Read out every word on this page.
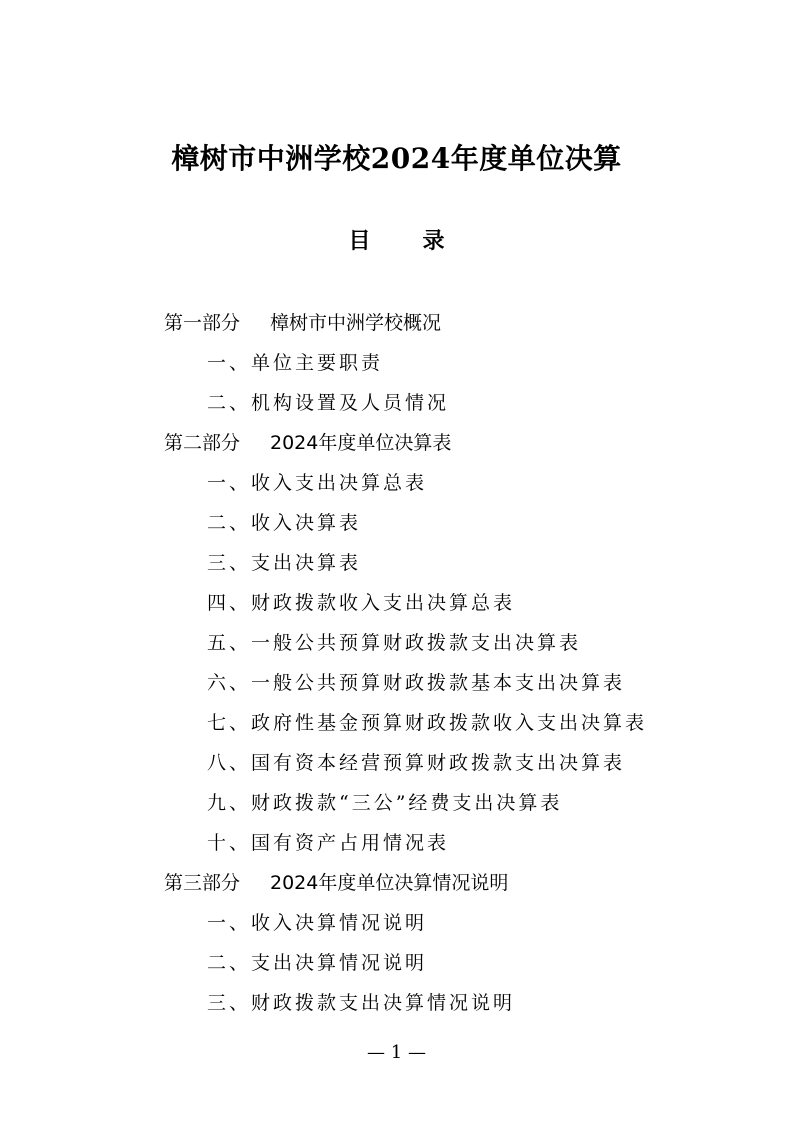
樟树市中洲学校2024年度单位决算
目 录
第一部分 樟树市中洲学校概况
一、单位主要职责
二、机构设置及人员情况
第二部分 2024年度单位决算表
一、收入支出决算总表
二、收入决算表
三、支出决算表
四、财政拨款收入支出决算总表
五、一般公共预算财政拨款支出决算表
六、一般公共预算财政拨款基本支出决算表
七、政府性基金预算财政拨款收入支出决算表
八、国有资本经营预算财政拨款支出决算表
九、财政拨款“三公”经费支出决算表
十、国有资产占用情况表
第三部分 2024年度单位决算情况说明
一、收入决算情况说明
二、支出决算情况说明
三、财政拨款支出决算情况说明
— 1 —
